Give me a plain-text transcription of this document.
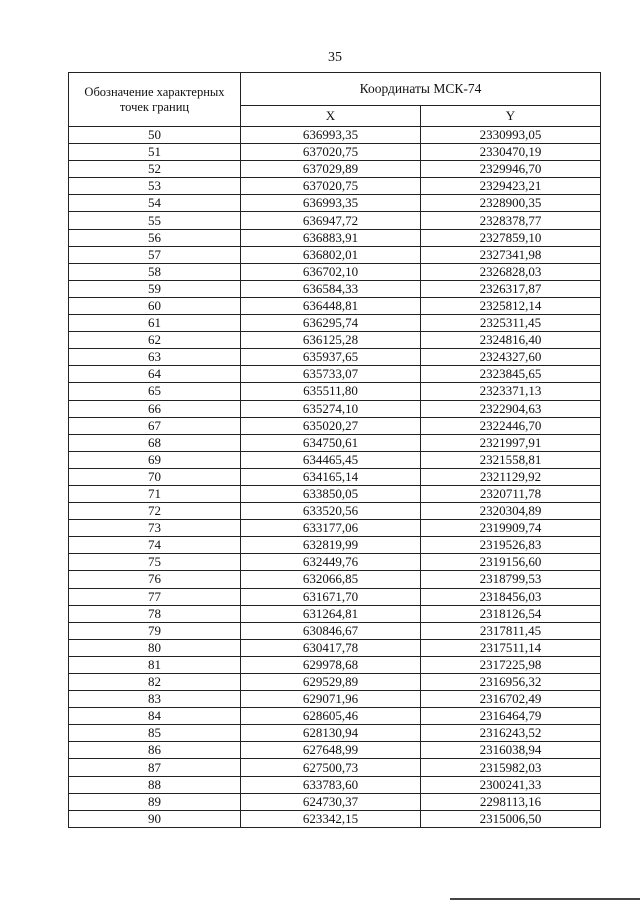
35
Обозначение характерных точек границ	Координаты МСК-74	
	X	Y
50	636993,35	2330993,05
51	637020,75	2330470,19
52	637029,89	2329946,70
53	637020,75	2329423,21
54	636993,35	2328900,35
55	636947,72	2328378,77
56	636883,91	2327859,10
57	636802,01	2327341,98
58	636702,10	2326828,03
59	636584,33	2326317,87
60	636448,81	2325812,14
61	636295,74	2325311,45
62	636125,28	2324816,40
63	635937,65	2324327,60
64	635733,07	2323845,65
65	635511,80	2323371,13
66	635274,10	2322904,63
67	635020,27	2322446,70
68	634750,61	2321997,91
69	634465,45	2321558,81
70	634165,14	2321129,92
71	633850,05	2320711,78
72	633520,56	2320304,89
73	633177,06	2319909,74
74	632819,99	2319526,83
75	632449,76	2319156,60
76	632066,85	2318799,53
77	631671,70	2318456,03
78	631264,81	2318126,54
79	630846,67	2317811,45
80	630417,78	2317511,14
81	629978,68	2317225,98
82	629529,89	2316956,32
83	629071,96	2316702,49
84	628605,46	2316464,79
85	628130,94	2316243,52
86	627648,99	2316038,94
87	627500,73	2315982,03
88	633783,60	2300241,33
89	624730,37	2298113,16
90	623342,15	2315006,50
